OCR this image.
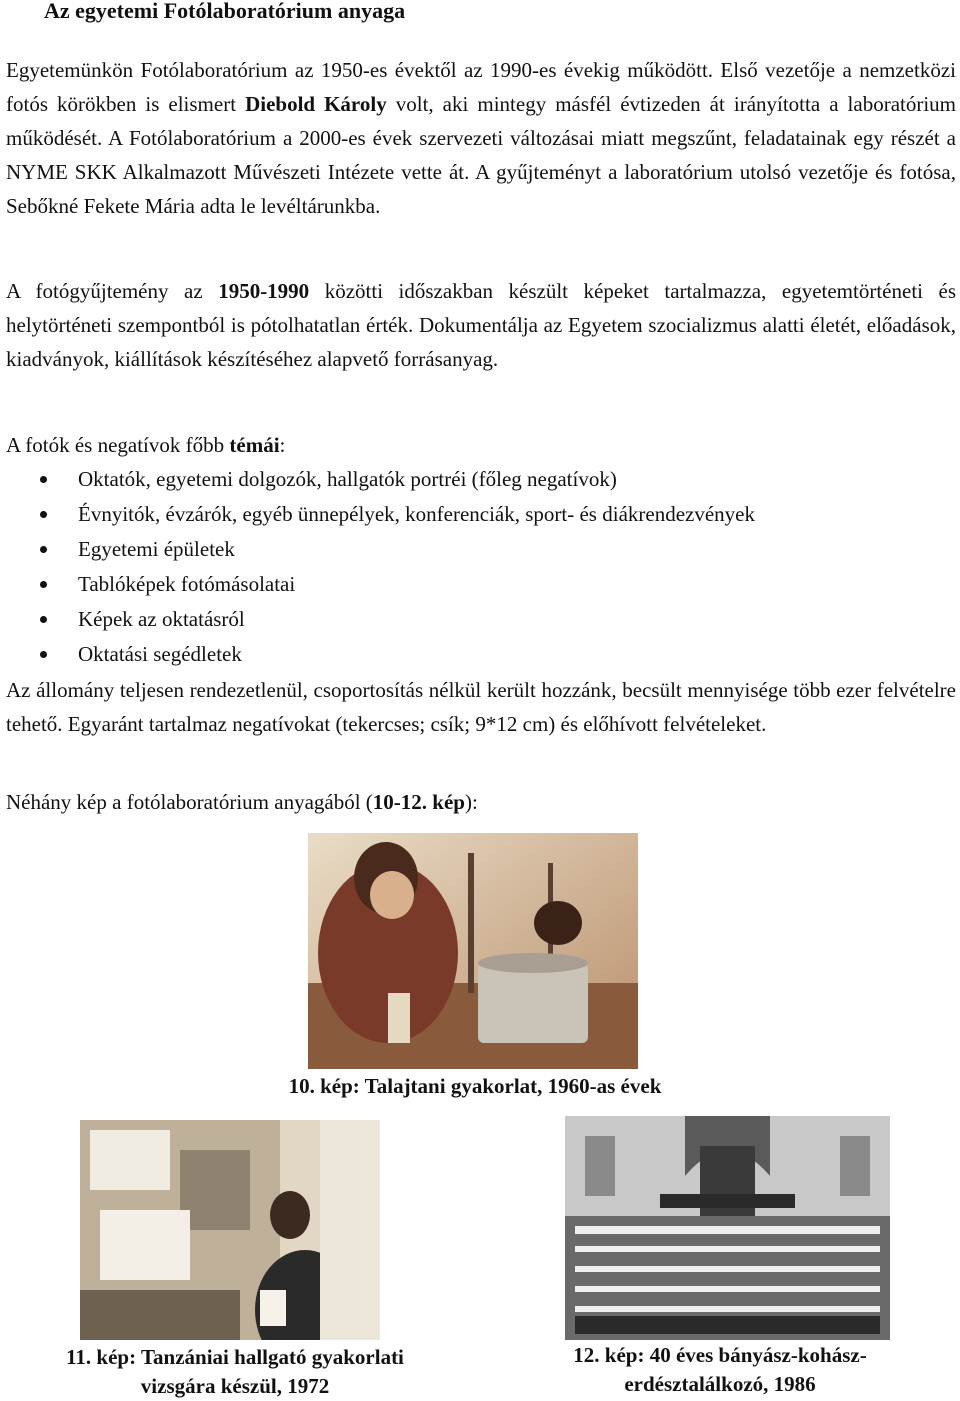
Az egyetemi Fotólaboratórium anyaga

Egyetemünkön Fotólaboratórium az 1950-es évektől az 1990-es évekig működött. Első vezetője a nemzetközi fotós körökben is elismert Diebold Károly volt, aki mintegy másfél évtizeden át irányította a laboratórium működését. A Fotólaboratórium a 2000-es évek szervezeti változásai miatt megszűnt, feladatainak egy részét a NYME SKK Alkalmazott Művészeti Intézete vette át. A gyűjteményt a laboratórium utolsó vezetője és fotósa, Sebőkné Fekete Mária adta le levéltárunkba.

A fotógyűjtemény az 1950-1990 közötti időszakban készült képeket tartalmazza, egyetemtörténeti és helytörténeti szempontból is pótolhatatlan érték. Dokumentálja az Egyetem szocializmus alatti életét, előadások, kiadványok, kiállítások készítéséhez alapvető forrásanyag.

A fotók és negatívok főbb témái:

Oktatók, egyetemi dolgozók, hallgatók portréi (főleg negatívok)
Évnyitók, évzárók, egyéb ünnepélyek, konferenciák, sport- és diákrendezvények
Egyetemi épületek
Tablóképek fotómásolatai
Képek az oktatásról
Oktatási segédletek

Az állomány teljesen rendezetlenül, csoportosítás nélkül került hozzánk, becsült mennyisége több ezer felvételre tehető. Egyaránt tartalmaz negatívokat (tekercses; csík; 9*12 cm) és előhívott felvételeket.

Néhány kép a fotólaboratórium anyagából (10-12. kép):

10. kép: Talajtani gyakorlat, 1960-as évek
11. kép: Tanzániai hallgató gyakorlati
vizsgára készül, 1972
12. kép: 40 éves bányász-kohász-
erdésztalálkozó, 1986
